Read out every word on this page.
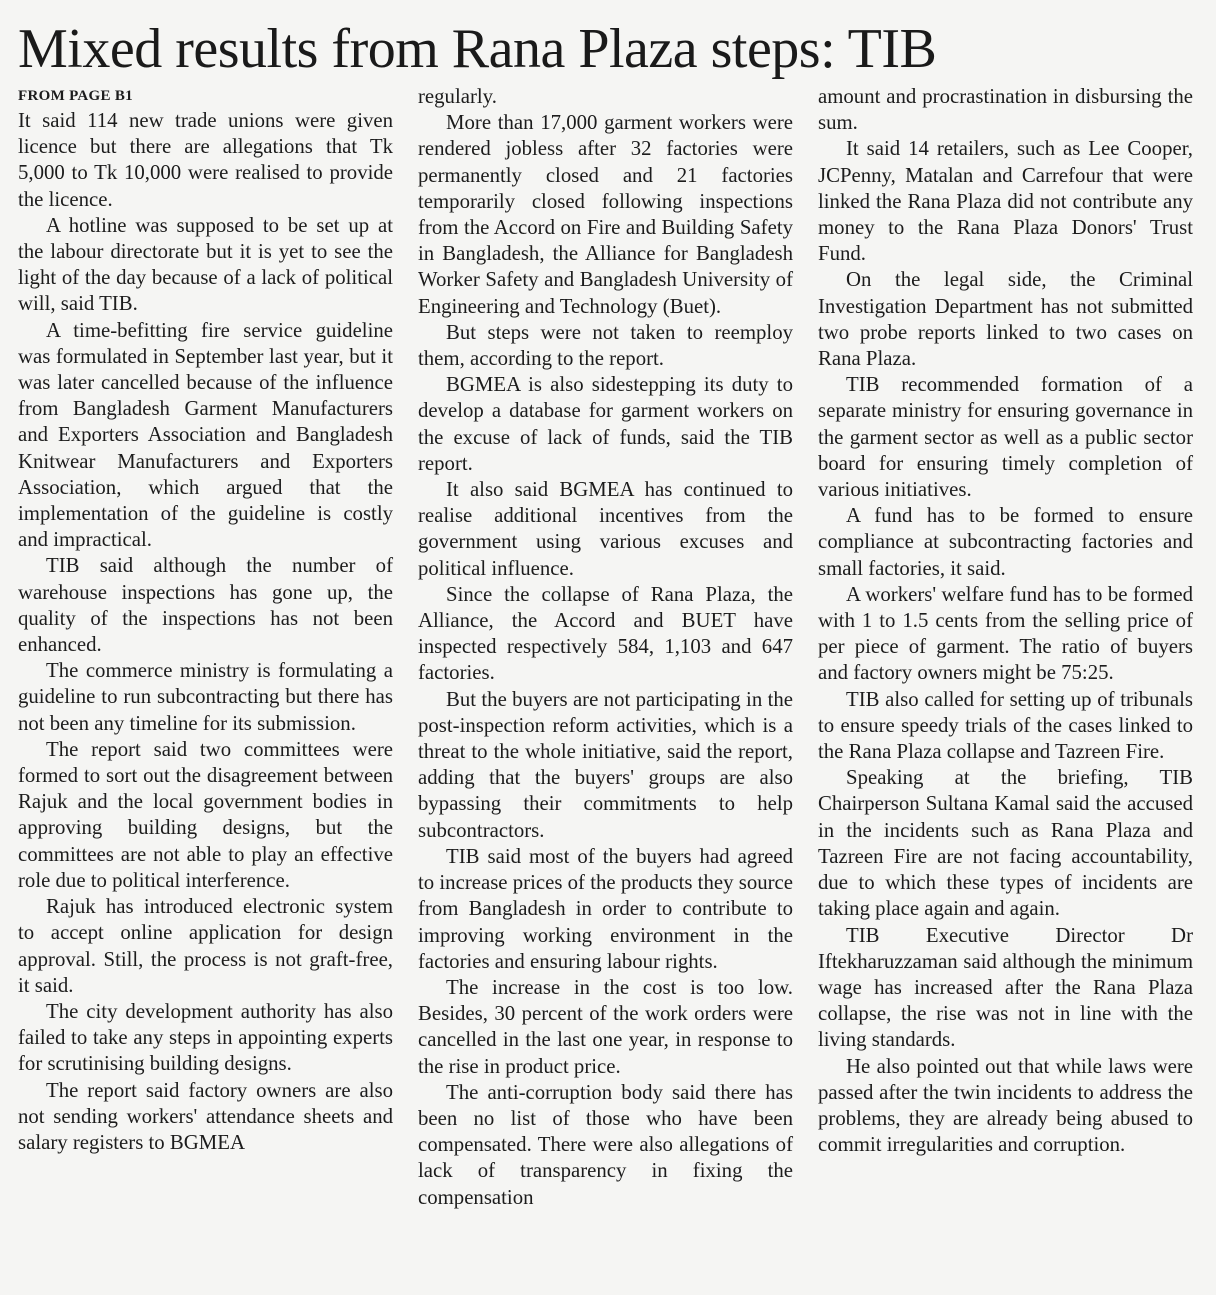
Mixed results from Rana Plaza steps: TIB
FROM PAGE B1

It said 114 new trade unions were given licence but there are allegations that Tk 5,000 to Tk 10,000 were realised to provide the licence.

A hotline was supposed to be set up at the labour directorate but it is yet to see the light of the day because of a lack of political will, said TIB.

A time-befitting fire service guideline was formulated in September last year, but it was later cancelled because of the influence from Bangladesh Garment Manufacturers and Exporters Association and Bangladesh Knitwear Manufacturers and Exporters Association, which argued that the implementation of the guideline is costly and impractical.

TIB said although the number of warehouse inspections has gone up, the quality of the inspections has not been enhanced.

The commerce ministry is formulating a guideline to run subcontracting but there has not been any timeline for its submission.

The report said two committees were formed to sort out the disagreement between Rajuk and the local government bodies in approving building designs, but the committees are not able to play an effective role due to political interference.

Rajuk has introduced electronic system to accept online application for design approval. Still, the process is not graft-free, it said.

The city development authority has also failed to take any steps in appointing experts for scrutinising building designs.

The report said factory owners are also not sending workers' attendance sheets and salary registers to BGMEA

regularly.

More than 17,000 garment workers were rendered jobless after 32 factories were permanently closed and 21 factories temporarily closed following inspections from the Accord on Fire and Building Safety in Bangladesh, the Alliance for Bangladesh Worker Safety and Bangladesh University of Engineering and Technology (Buet).

But steps were not taken to reemploy them, according to the report.

BGMEA is also sidestepping its duty to develop a database for garment workers on the excuse of lack of funds, said the TIB report.

It also said BGMEA has continued to realise additional incentives from the government using various excuses and political influence.

Since the collapse of Rana Plaza, the Alliance, the Accord and BUET have inspected respectively 584, 1,103 and 647 factories.

But the buyers are not participating in the post-inspection reform activities, which is a threat to the whole initiative, said the report, adding that the buyers' groups are also bypassing their commitments to help subcontractors.

TIB said most of the buyers had agreed to increase prices of the products they source from Bangladesh in order to contribute to improving working environment in the factories and ensuring labour rights.

The increase in the cost is too low. Besides, 30 percent of the work orders were cancelled in the last one year, in response to the rise in product price.

The anti-corruption body said there has been no list of those who have been compensated. There were also allegations of lack of transparency in fixing the compensation

amount and procrastination in disbursing the sum.

It said 14 retailers, such as Lee Cooper, JCPenny, Matalan and Carrefour that were linked the Rana Plaza did not contribute any money to the Rana Plaza Donors' Trust Fund.

On the legal side, the Criminal Investigation Department has not submitted two probe reports linked to two cases on Rana Plaza.

TIB recommended formation of a separate ministry for ensuring governance in the garment sector as well as a public sector board for ensuring timely completion of various initiatives.

A fund has to be formed to ensure compliance at subcontracting factories and small factories, it said.

A workers' welfare fund has to be formed with 1 to 1.5 cents from the selling price of per piece of garment. The ratio of buyers and factory owners might be 75:25.

TIB also called for setting up of tribunals to ensure speedy trials of the cases linked to the Rana Plaza collapse and Tazreen Fire.

Speaking at the briefing, TIB Chairperson Sultana Kamal said the accused in the incidents such as Rana Plaza and Tazreen Fire are not facing accountability, due to which these types of incidents are taking place again and again.

TIB Executive Director Dr Iftekharuzzaman said although the minimum wage has increased after the Rana Plaza collapse, the rise was not in line with the living standards.

He also pointed out that while laws were passed after the twin incidents to address the problems, they are already being abused to commit irregularities and corruption.
